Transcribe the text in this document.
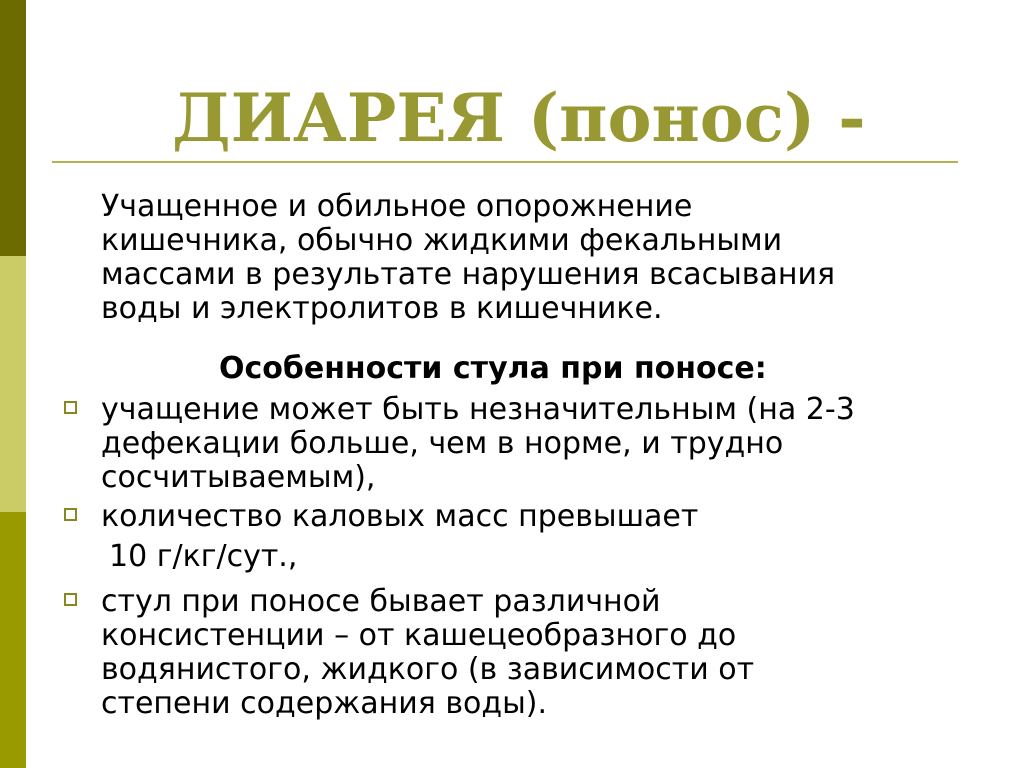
ДИАРЕЯ (понос) -
Учащенное и обильное опорожнение
кишечника, обычно жидкими фекальными
массами в результате нарушения всасывания
воды и электролитов в кишечнике.
Особенности стула при поносе:
учащение может быть незначительным (на 2-3
дефекации больше, чем в норме, и трудно
сосчитываемым),
количество каловых масс превышает
10 г/кг/сут.,
стул при поносе бывает различной
консистенции – от кашецеобразного до
водянистого, жидкого (в зависимости от
степени содержания воды).
